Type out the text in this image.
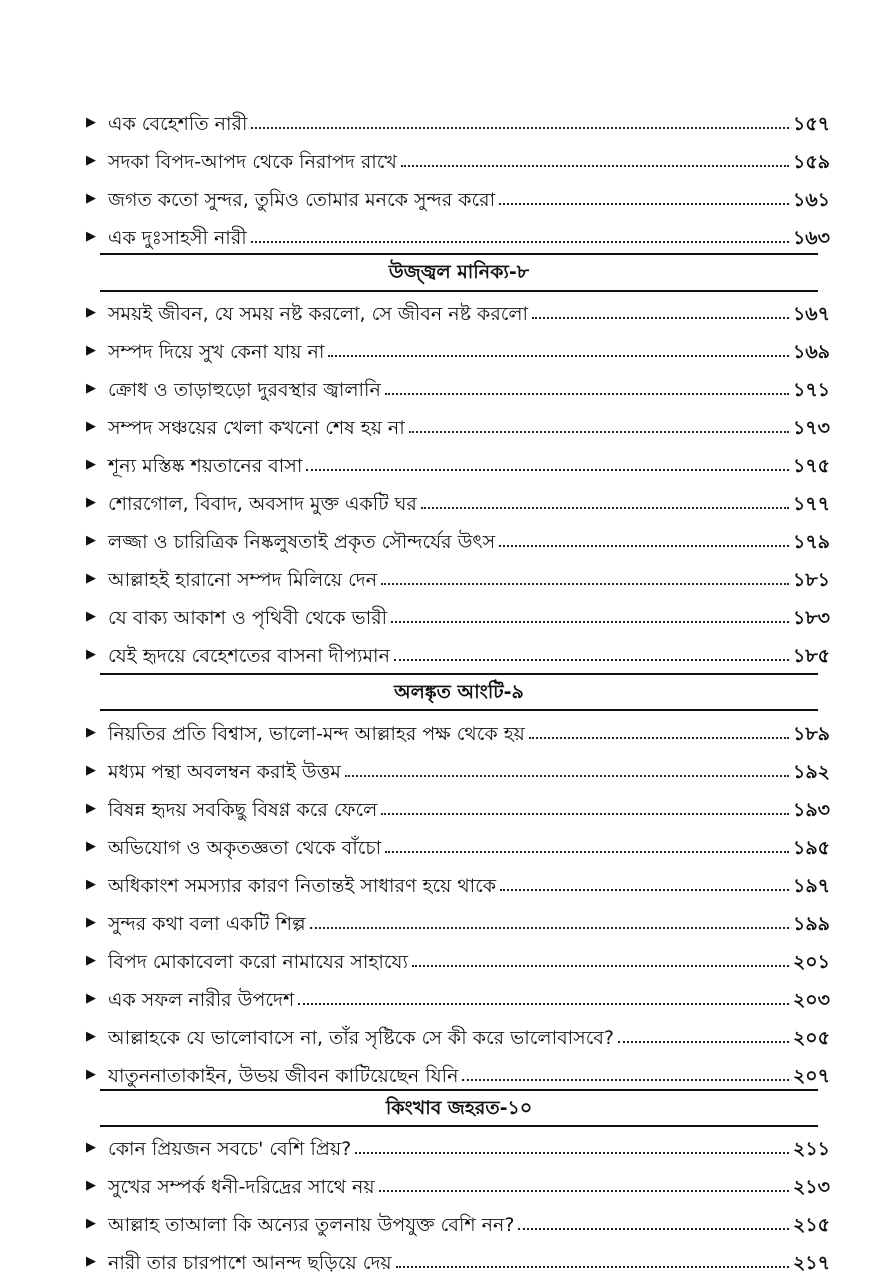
▶ এক বেহেশতি নারী	১৫৭
▶ সদকা বিপদ-আপদ থেকে নিরাপদ রাখে	১৫৯
▶ জগত কতো সুন্দর, তুমিও তোমার মনকে সুন্দর করো	১৬১
▶ এক দুঃসাহসী নারী	১৬৩
উজ্জ্বল মানিক্য-৮
▶ সময়ই জীবন, যে সময় নষ্ট করলো, সে জীবন নষ্ট করলো	১৬৭
▶ সম্পদ দিয়ে সুখ কেনা যায় না	১৬৯
▶ ক্রোধ ও তাড়াহুড়ো দুরবস্থার জ্বালানি	১৭১
▶ সম্পদ সঞ্চয়ের খেলা কখনো শেষ হয় না	১৭৩
▶ শূন্য মস্তিষ্ক শয়তানের বাসা	১৭৫
▶ শোরগোল, বিবাদ, অবসাদ মুক্ত একটি ঘর	১৭৭
▶ লজ্জা ও চারিত্রিক নিষ্কলুষতাই প্রকৃত সৌন্দর্যের উৎস	১৭৯
▶ আল্লাহই হারানো সম্পদ মিলিয়ে দেন	১৮১
▶ যে বাক্য আকাশ ও পৃথিবী থেকে ভারী	১৮৩
▶ যেই হৃদয়ে বেহেশতের বাসনা দীপ্যমান	১৮৫
অলঙ্কৃত আংটি-৯
▶ নিয়তির প্রতি বিশ্বাস, ভালো-মন্দ আল্লাহর পক্ষ থেকে হয়	১৮৯
▶ মধ্যম পন্থা অবলম্বন করাই উত্তম	১৯২
▶ বিষন্ন হৃদয় সবকিছু বিষণ্ণ করে ফেলে	১৯৩
▶ অভিযোগ ও অকৃতজ্ঞতা থেকে বাঁচো	১৯৫
▶ অধিকাংশ সমস্যার কারণ নিতান্তই সাধারণ হয়ে থাকে	১৯৭
▶ সুন্দর কথা বলা একটি শিল্প	১৯৯
▶ বিপদ মোকাবেলা করো নামাযের সাহায্যে	২০১
▶ এক সফল নারীর উপদেশ	২০৩
▶ আল্লাহকে যে ভালোবাসে না, তাঁর সৃষ্টিকে সে কী করে ভালোবাসবে?	২০৫
▶ যাতুননাতাকাইন, উভয় জীবন কাটিয়েছেন যিনি	২০৭
কিংখাব জহরত-১০
▶ কোন প্রিয়জন সবচে' বেশি প্রিয়?	২১১
▶ সুখের সম্পর্ক ধনী-দরিদ্রের সাথে নয়	২১৩
▶ আল্লাহ তাআলা কি অন্যের তুলনায় উপযুক্ত বেশি নন?	২১৫
▶ নারী তার চারপাশে আনন্দ ছড়িয়ে দেয়	২১৭
